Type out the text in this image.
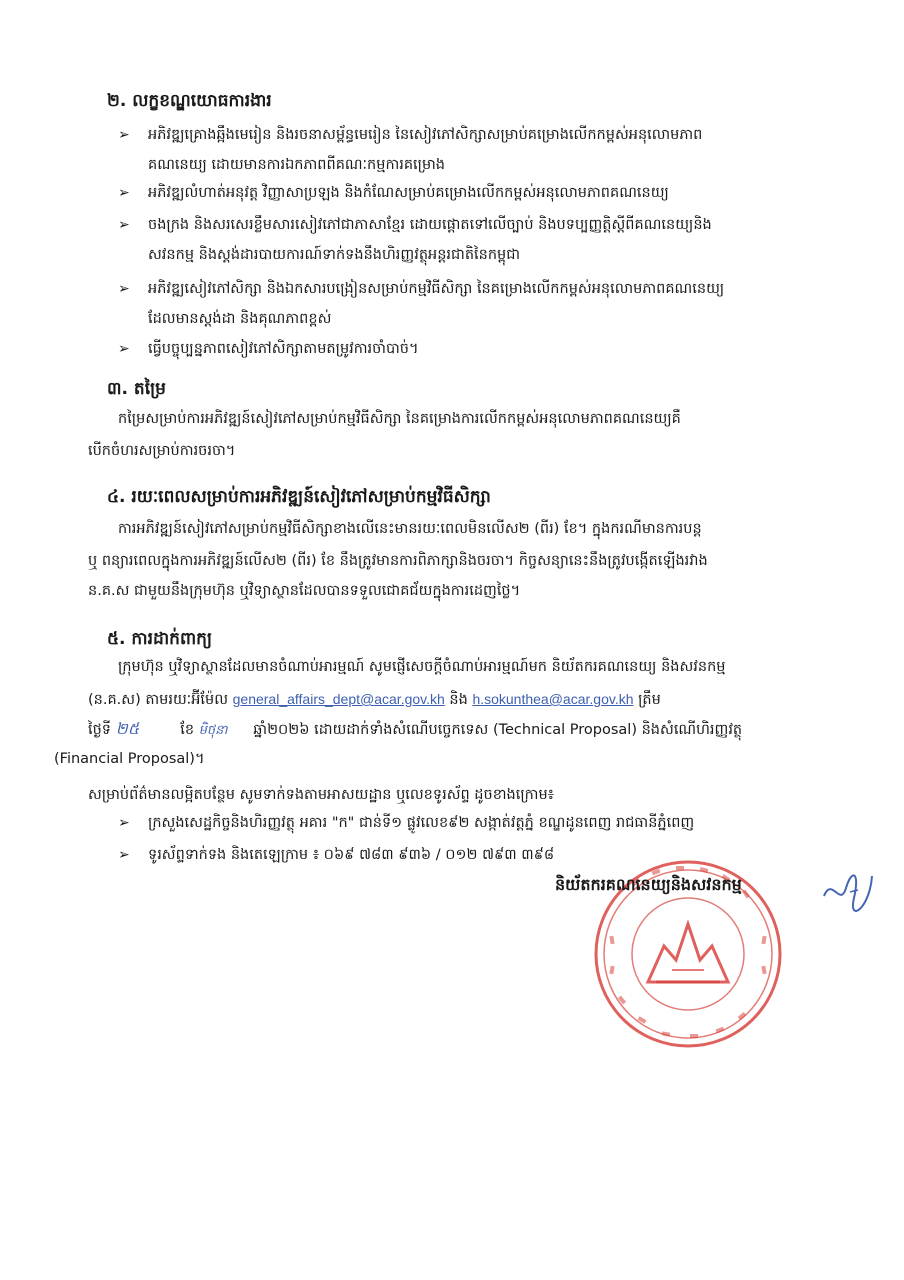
២. លក្ខខណ្ឌយោធការងារ
➢	អភិវឌ្ឍគ្រោងឆ្អឹងមេរៀន និងរចនាសម្ព័ន្ធមេរៀន នៃសៀវភៅសិក្សាសម្រាប់គម្រោងលើកកម្ពស់អនុលោមភាព
គណនេយ្យ ដោយមានការឯកភាពពីគណៈកម្មការគម្រោង
➢	អភិវឌ្ឍលំហាត់អនុវត្ត វិញ្ញាសាប្រឡង និងកំណែសម្រាប់គម្រោងលើកកម្ពស់អនុលោមភាពគណនេយ្យ
➢	ចងក្រង និងសរសេរខ្លឹមសារសៀវភៅជាភាសាខ្មែរ ដោយផ្តោតទៅលើច្បាប់ និងបទប្បញ្ញត្តិស្តីពីគណនេយ្យនិង
សវនកម្ម និងស្តង់ដារបាយការណ៍ទាក់ទងនឹងហិរញ្ញវត្ថុអន្តរជាតិនៃកម្ពុជា
➢	អភិវឌ្ឍសៀវភៅសិក្សា និងឯកសារបង្រៀនសម្រាប់កម្មវិធីសិក្សា នៃគម្រោងលើកកម្ពស់អនុលោមភាពគណនេយ្យ
ដែលមានស្តង់ដា និងគុណភាពខ្ពស់
➢	ធ្វើបច្ចុប្បន្នភាពសៀវភៅសិក្សាតាមតម្រូវការចាំបាច់។
៣. តម្រៃ
កម្រៃសម្រាប់ការអភិវឌ្ឍន៍សៀវភៅសម្រាប់កម្មវិធីសិក្សា នៃគម្រោងការលើកកម្ពស់អនុលោមភាពគណនេយ្យគឺ
បើកចំហរសម្រាប់ការចរចា។
៤. រយៈពេលសម្រាប់ការអភិវឌ្ឍន៍សៀវភៅសម្រាប់កម្មវិធីសិក្សា
ការអភិវឌ្ឍន៍សៀវភៅសម្រាប់កម្មវិធីសិក្សាខាងលើនេះមានរយៈពេលមិនលើស២ (ពីរ) ខែ។ ក្នុងករណីមានការបន្ត
ឬ ពន្យារពេលក្នុងការអភិវឌ្ឍន៍លើស២ (ពីរ) ខែ នឹងត្រូវមានការពិភាក្សានិងចរចា។ កិច្ចសន្យានេះនឹងត្រូវបង្កើតឡើងរវាង
ន.គ.ស ជាមួយនឹងក្រុមហ៊ុន ឬវិទ្យាស្ថានដែលបានទទួលជោគជ័យក្នុងការដេញថ្លៃ។
៥. ការដាក់ពាក្យ
ក្រុមហ៊ុន ឬវិទ្យាស្ថានដែលមានចំណាប់អារម្មណ៍ សូមផ្ញើសេចក្តីចំណាប់អារម្មណ៍មក និយ័តករគណនេយ្យ និងសវនកម្ម
(ន.គ.ស) តាមរយៈអ៊ីម៉ែល general_affairs_dept@acar.gov.kh និង h.sokunthea@acar.gov.kh ត្រឹម
ថ្ងៃទី ២៥	ខែ មិថុនា ឆ្នាំ២០២៦ ដោយដាក់ទាំងសំណើបច្ចេកទេស (Technical Proposal) និងសំណើហិរញ្ញវត្ថុ
(Financial Proposal)។
សម្រាប់ព័ត៌មានលម្អិតបន្ថែម សូមទាក់ទងតាមអាសយដ្ឋាន ឬលេខទូរស័ព្ទ ដូចខាងក្រោម៖
➢	ក្រសួងសេដ្ឋកិច្ចនិងហិរញ្ញវត្ថុ អគារ "ក" ជាន់ទី១ ផ្លូវលេខ៩២ សង្កាត់វត្តភ្នំ ខណ្ឌដូនពេញ រាជធានីភ្នំពេញ
➢	ទូរស័ព្ទទាក់ទង និងតេឡេក្រាម ៖ ០៦៩ ៧៨៣ ៩៣៦ / ០១២ ៧៩៣ ៣៩៨
និយ័តករគណនេយ្យនិងសវនកម្ម
